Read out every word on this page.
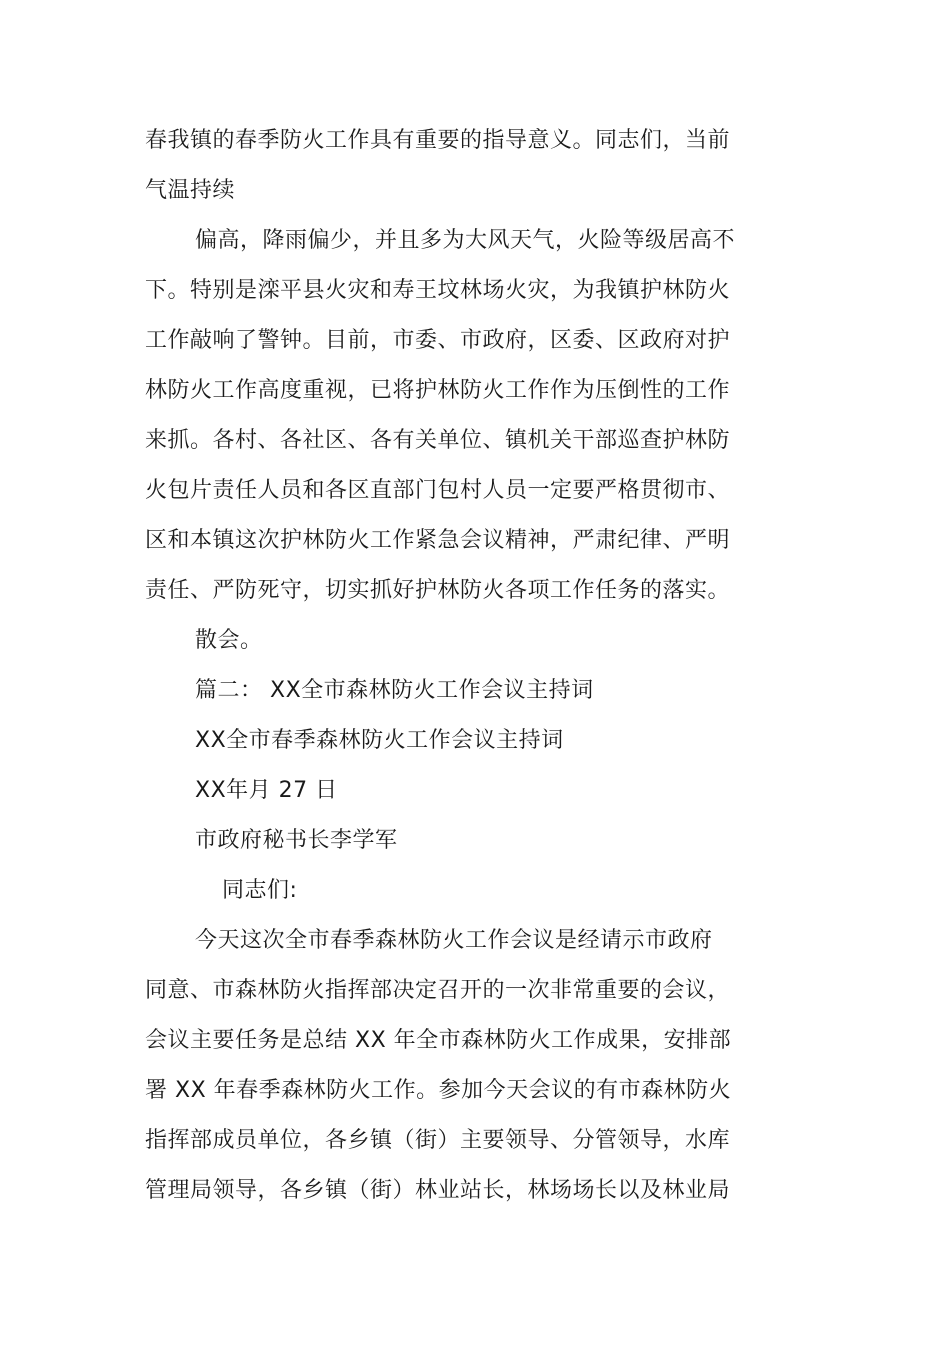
春我镇的春季防火工作具有重要的指导意义。同志们，当前
气温持续
偏高，降雨偏少，并且多为大风天气，火险等级居高不
下。特别是滦平县火灾和寿王坟林场火灾，为我镇护林防火
工作敲响了警钟。目前，市委、市政府，区委、区政府对护
林防火工作高度重视，已将护林防火工作作为压倒性的工作
来抓。各村、各社区、各有关单位、镇机关干部巡查护林防
火包片责任人员和各区直部门包村人员一定要严格贯彻市、
区和本镇这次护林防火工作紧急会议精神，严肃纪律、严明
责任、严防死守，切实抓好护林防火各项工作任务的落实。
散会。
篇二： XX全市森林防火工作会议主持词
XX全市春季森林防火工作会议主持词
XX年月 27 日
市政府秘书长李学军
同志们:
今天这次全市春季森林防火工作会议是经请示市政府
同意、市森林防火指挥部决定召开的一次非常重要的会议，
会议主要任务是总结 XX 年全市森林防火工作成果，安排部
署 XX 年春季森林防火工作。参加今天会议的有市森林防火
指挥部成员单位，各乡镇（街）主要领导、分管领导，水库
管理局领导，各乡镇（街）林业站长，林场场长以及林业局
